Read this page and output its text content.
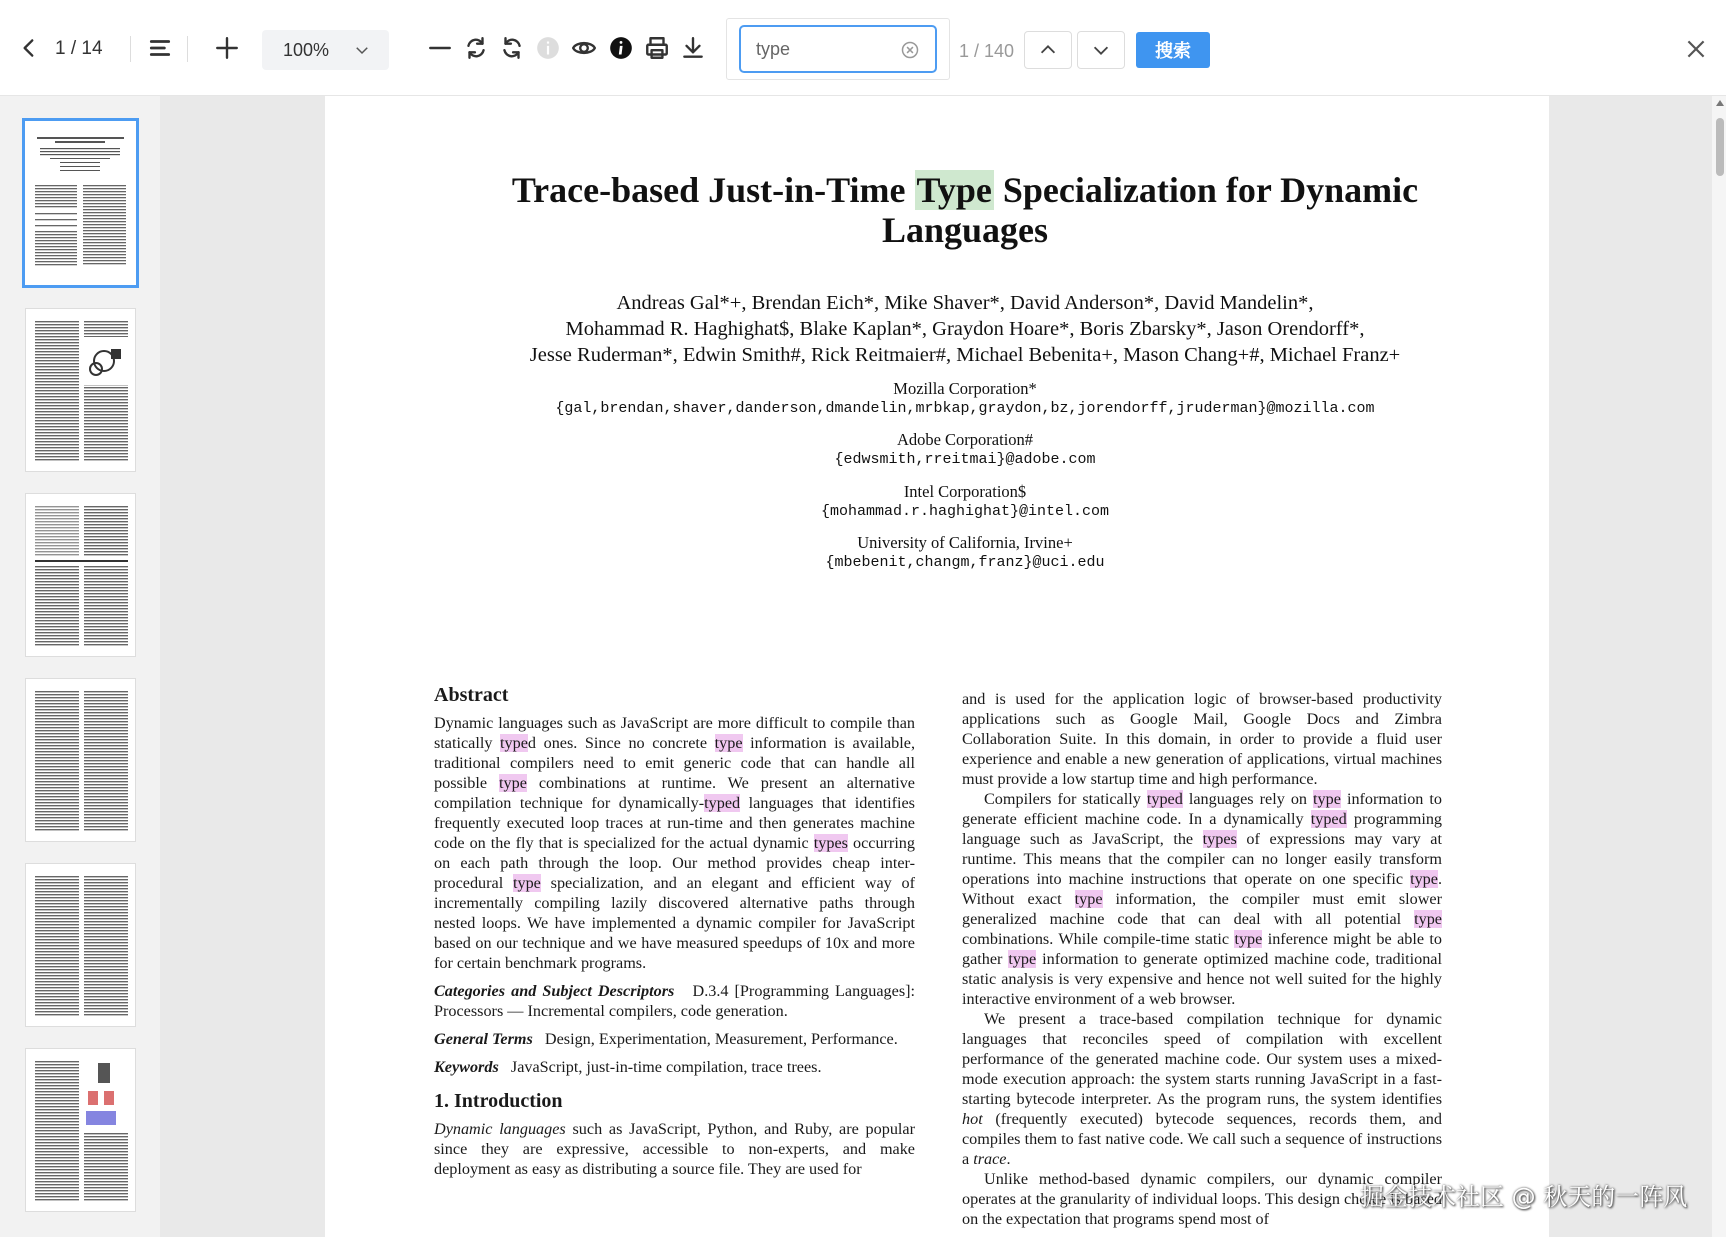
1 / 14	100%
type	1 / 140	搜索
Trace-based Just-in-Time Type Specialization for Dynamic Languages
Andreas Gal*+, Brendan Eich*, Mike Shaver*, David Anderson*, David Mandelin*,
Mohammad R. Haghighat$, Blake Kaplan*, Graydon Hoare*, Boris Zbarsky*, Jason Orendorff*,
Jesse Ruderman*, Edwin Smith#, Rick Reitmaier#, Michael Bebenita+, Mason Chang+#, Michael Franz+
Mozilla Corporation*
{gal,brendan,shaver,danderson,dmandelin,mrbkap,graydon,bz,jorendorff,jruderman}@mozilla.com
Adobe Corporation#
{edwsmith,rreitmai}@adobe.com
Intel Corporation$
{mohammad.r.haghighat}@intel.com
University of California, Irvine+
{mbebenit,changm,franz}@uci.edu
Abstract

Dynamic languages such as JavaScript are more difficult to compile than statically typed ones. Since no concrete type information is available, traditional compilers need to emit generic code that can handle all possible type combinations at runtime. We present an alternative compilation technique for dynamically-typed languages that identifies frequently executed loop traces at run-time and then generates machine code on the fly that is specialized for the actual dynamic types occurring on each path through the loop. Our method provides cheap inter-procedural type specialization, and an elegant and efficient way of incrementally compiling lazily discovered alternative paths through nested loops. We have implemented a dynamic compiler for JavaScript based on our technique and we have measured speedups of 10x and more for certain benchmark programs.

Categories and Subject Descriptors D.3.4 [Programming Languages]: Processors — Incremental compilers, code generation.

General Terms Design, Experimentation, Measurement, Performance.

Keywords JavaScript, just-in-time compilation, trace trees.

1. Introduction

Dynamic languages such as JavaScript, Python, and Ruby, are popular since they are expressive, accessible to non-experts, and make deployment as easy as distributing a source file. They are used for

and is used for the application logic of browser-based productivity applications such as Google Mail, Google Docs and Zimbra Collaboration Suite. In this domain, in order to provide a fluid user experience and enable a new generation of applications, virtual machines must provide a low startup time and high performance.
Compilers for statically typed languages rely on type information to generate efficient machine code. In a dynamically typed programming language such as JavaScript, the types of expressions may vary at runtime. This means that the compiler can no longer easily transform operations into machine instructions that operate on one specific type. Without exact type information, the compiler must emit slower generalized machine code that can deal with all potential type combinations. While compile-time static type inference might be able to gather type information to generate optimized machine code, traditional static analysis is very expensive and hence not well suited for the highly interactive environment of a web browser.
We present a trace-based compilation technique for dynamic languages that reconciles speed of compilation with excellent performance of the generated machine code. Our system uses a mixed-mode execution approach: the system starts running JavaScript in a fast-starting bytecode interpreter. As the program runs, the system identifies hot (frequently executed) bytecode sequences, records them, and compiles them to fast native code. We call such a sequence of instructions a trace.
Unlike method-based dynamic compilers, our dynamic compiler operates at the granularity of individual loops. This design choice is based on the expectation that programs spend most of

掘金技术社区 @ 秋天的一阵风
